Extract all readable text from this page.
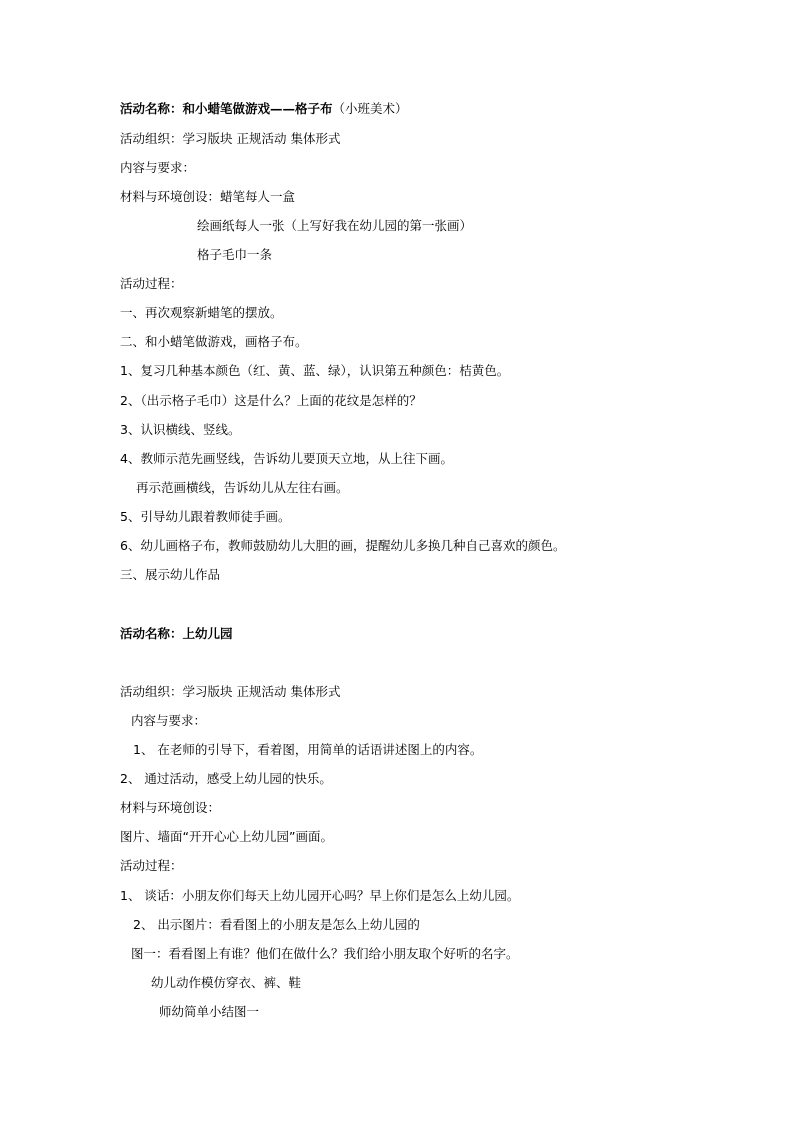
活动名称：和小蜡笔做游戏——格子布（小班美术）
活动组织：学习版块 正规活动 集体形式
内容与要求：
材料与环境创设：蜡笔每人一盒
绘画纸每人一张（上写好我在幼儿园的第一张画）
格子毛巾一条
活动过程：
一、再次观察新蜡笔的摆放。
二、和小蜡笔做游戏，画格子布。
1、复习几种基本颜色（红、黄、蓝、绿），认识第五种颜色：桔黄色。
2、（出示格子毛巾）这是什么？上面的花纹是怎样的？
3、认识横线、竖线。
4、教师示范先画竖线，告诉幼儿要顶天立地，从上往下画。
再示范画横线，告诉幼儿从左往右画。
5、引导幼儿跟着教师徒手画。
6、幼儿画格子布，教师鼓励幼儿大胆的画，提醒幼儿多换几种自己喜欢的颜色。
三、展示幼儿作品
活动名称：上幼儿园
活动组织：学习版块 正规活动 集体形式
内容与要求：
1、 在老师的引导下，看着图，用简单的话语讲述图上的内容。
2、 通过活动，感受上幼儿园的快乐。
材料与环境创设：
图片、墙面“开开心心上幼儿园”画面。
活动过程：
1、 谈话：小朋友你们每天上幼儿园开心吗？早上你们是怎么上幼儿园。
2、 出示图片：看看图上的小朋友是怎么上幼儿园的
图一：看看图上有谁？他们在做什么？我们给小朋友取个好听的名字。
幼儿动作模仿穿衣、裤、鞋
师幼简单小结图一
